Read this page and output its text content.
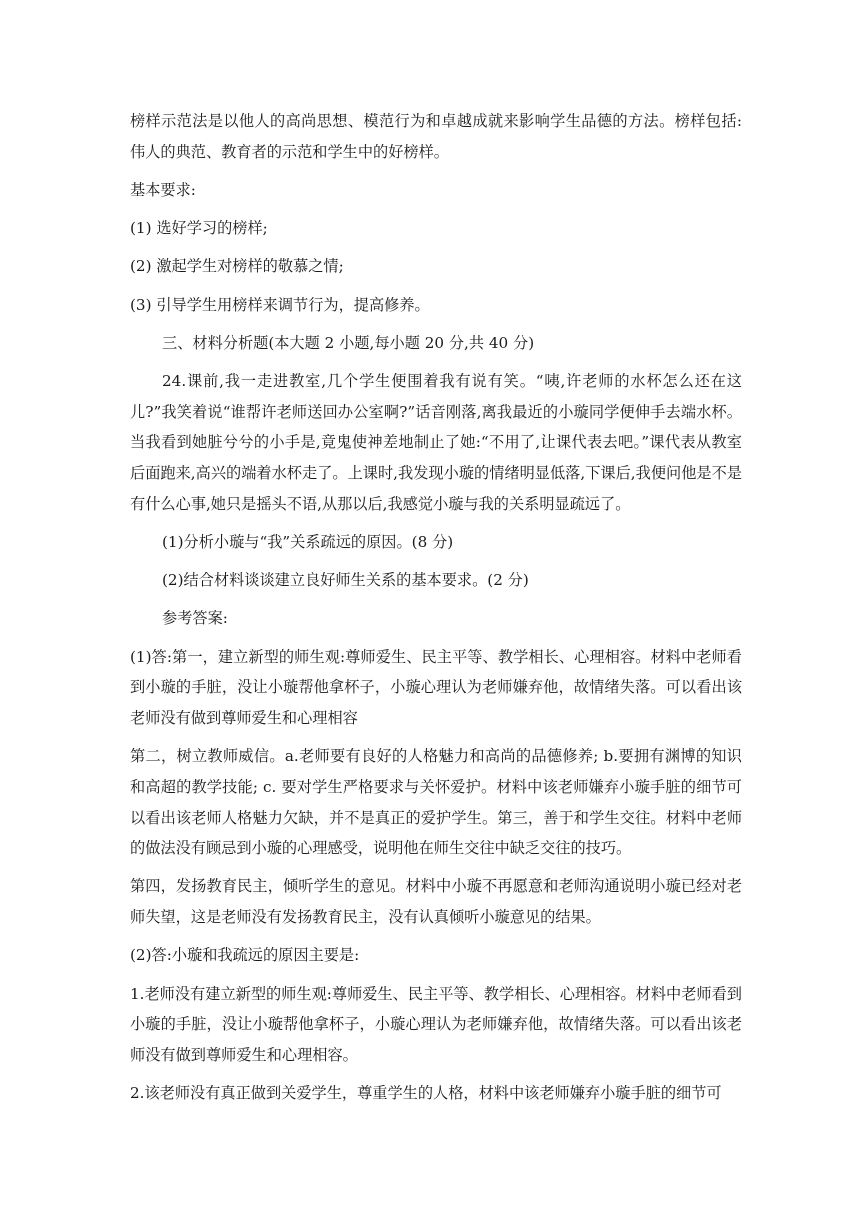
榜样示范法是以他人的高尚思想、模范行为和卓越成就来影响学生品德的方法。榜样包括:伟人的典范、教育者的示范和学生中的好榜样。

基本要求:

(1) 选好学习的榜样;

(2) 激起学生对榜样的敬慕之情;

(3) 引导学生用榜样来调节行为，提高修养。

三、材料分析题(本大题 2 小题,每小题 20 分,共 40 分)

24.课前,我一走进教室,几个学生便围着我有说有笑。“咦,许老师的水杯怎么还在这儿?”我笑着说“谁帮许老师送回办公室啊?”话音刚落,离我最近的小璇同学便伸手去端水杯。当我看到她脏兮兮的小手是,竟鬼使神差地制止了她:“不用了,让课代表去吧。”课代表从教室后面跑来,高兴的端着水杯走了。上课时,我发现小璇的情绪明显低落,下课后,我便问他是不是有什么心事,她只是摇头不语,从那以后,我感觉小璇与我的关系明显疏远了。

(1)分析小璇与“我”关系疏远的原因。(8 分)

(2)结合材料谈谈建立良好师生关系的基本要求。(2 分)

参考答案:

(1)答:第一，建立新型的师生观:尊师爱生、民主平等、教学相长、心理相容。材料中老师看到小璇的手脏，没让小璇帮他拿杯子，小璇心理认为老师嫌弃他，故情绪失落。可以看出该老师没有做到尊师爱生和心理相容

第二，树立教师威信。a.老师要有良好的人格魅力和高尚的品德修养; b.要拥有渊博的知识和高超的教学技能; c. 要对学生严格要求与关怀爱护。材料中该老师嫌弃小璇手脏的细节可以看出该老师人格魅力欠缺，并不是真正的爱护学生。第三，善于和学生交往。材料中老师的做法没有顾忌到小璇的心理感受，说明他在师生交往中缺乏交往的技巧。

第四，发扬教育民主，倾听学生的意见。材料中小璇不再愿意和老师沟通说明小璇已经对老师失望，这是老师没有发扬教育民主，没有认真倾听小璇意见的结果。

(2)答:小璇和我疏远的原因主要是:

1.老师没有建立新型的师生观:尊师爱生、民主平等、教学相长、心理相容。材料中老师看到小璇的手脏，没让小璇帮他拿杯子，小璇心理认为老师嫌弃他，故情绪失落。可以看出该老师没有做到尊师爱生和心理相容。

2.该老师没有真正做到关爱学生，尊重学生的人格，材料中该老师嫌弃小璇手脏的细节可
